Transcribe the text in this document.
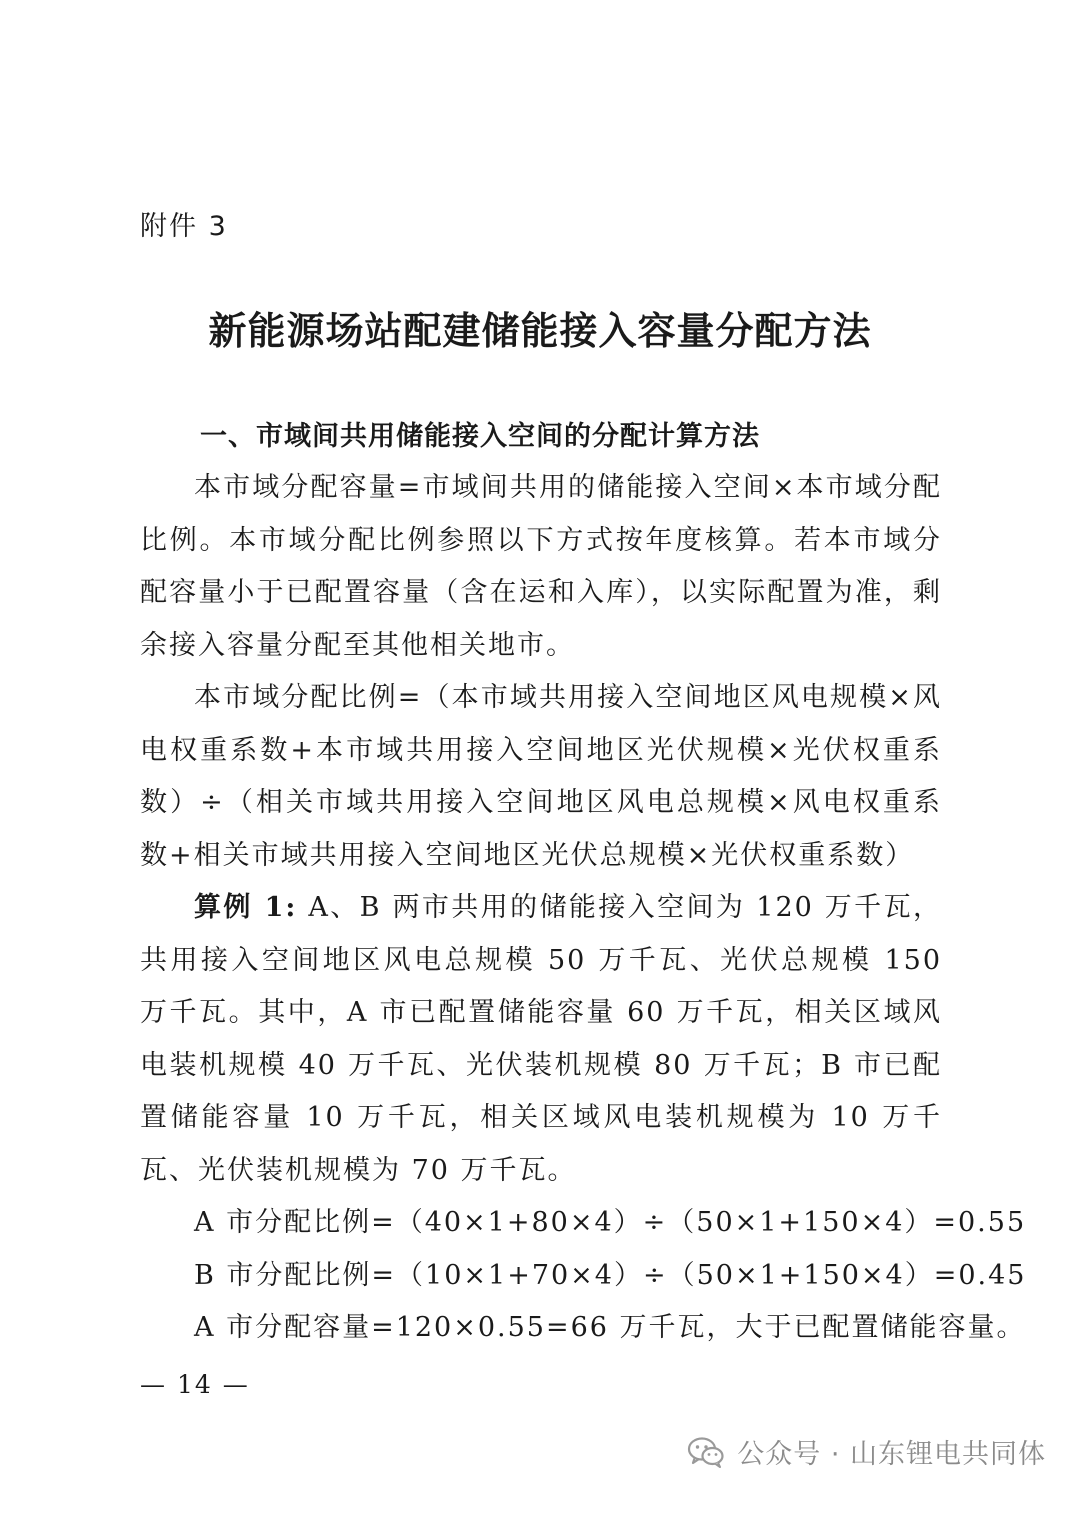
附件 3
新能源场站配建储能接入容量分配方法
一、市域间共用储能接入空间的分配计算方法

本市域分配容量=市域间共用的储能接入空间×本市域分配比例。本市域分配比例参照以下方式按年度核算。若本市域分配容量小于已配置容量（含在运和入库），以实际配置为准，剩余接入容量分配至其他相关地市。

本市域分配比例=（本市域共用接入空间地区风电规模×风电权重系数+本市域共用接入空间地区光伏规模×光伏权重系数）÷（相关市域共用接入空间地区风电总规模×风电权重系数+相关市域共用接入空间地区光伏总规模×光伏权重系数）

算例 1: A、B 两市共用的储能接入空间为 120 万千瓦，共用接入空间地区风电总规模 50 万千瓦、光伏总规模 150 万千瓦。其中，A 市已配置储能容量 60 万千瓦，相关区域风电装机规模 40 万千瓦、光伏装机规模 80 万千瓦；B 市已配置储能容量 10 万千瓦，相关区域风电装机规模为 10 万千瓦、光伏装机规模为 70 万千瓦。

A 市分配比例=（40×1+80×4）÷（50×1+150×4）=0.55

B 市分配比例=（10×1+70×4）÷（50×1+150×4）=0.45

A 市分配容量=120×0.55=66 万千瓦，大于已配置储能容量。

— 14 —
公众号 · 山东锂电共同体
